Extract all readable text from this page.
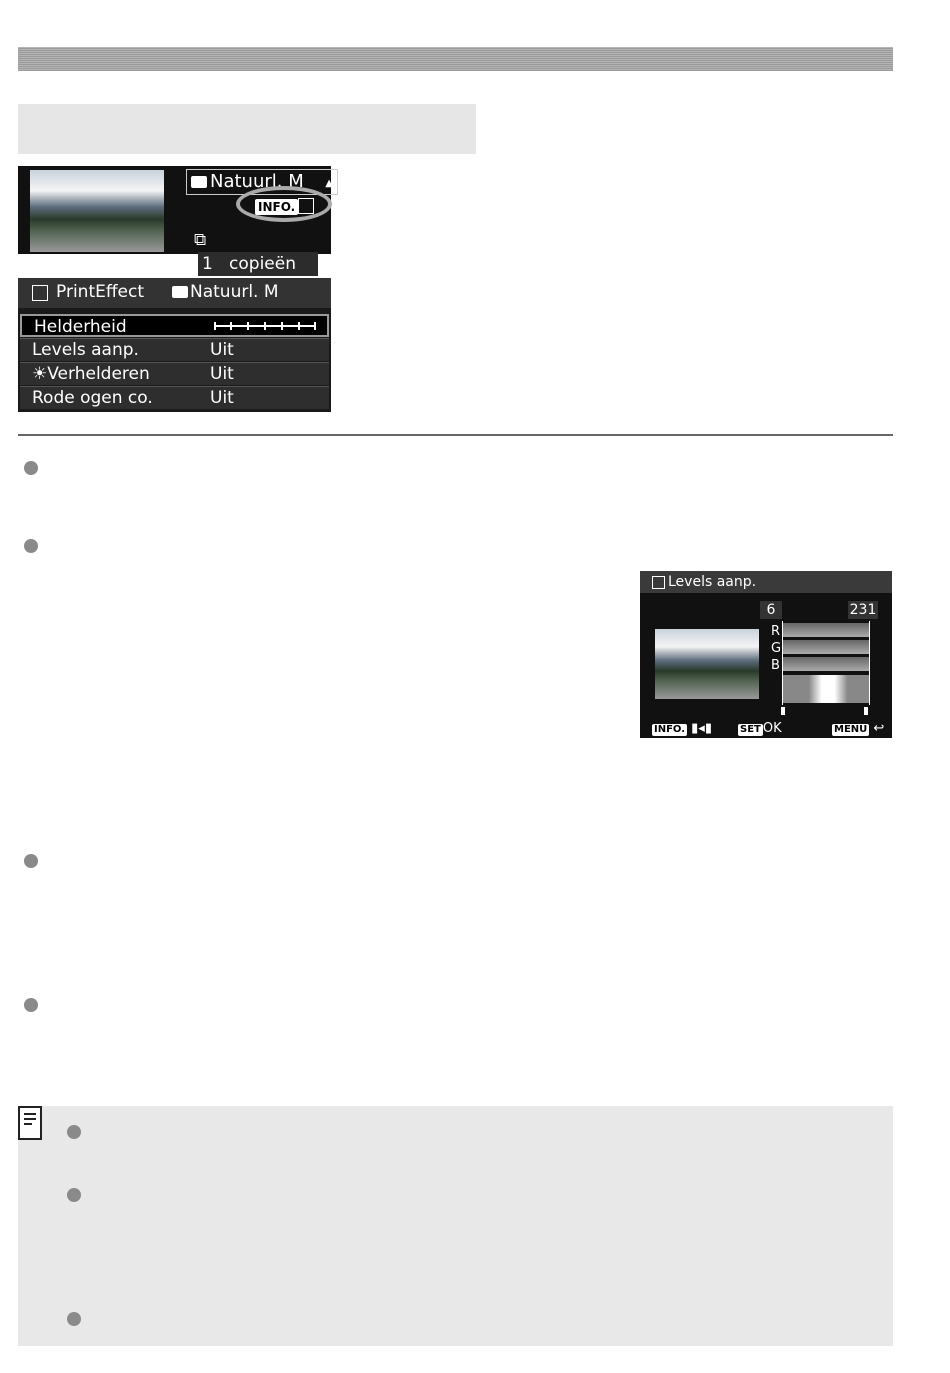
Natuurl. M ▲
INFO.
⧉1 copieën
PrintEffect	Natuurl. M
Helderheid
Levels aanp.	Uit
☀Verhelderen	Uit
Rode ogen co.	Uit
Levels aanp.
6	231
R
G
B
INFO. ▮◂▮	SET OK	MENU ↩
